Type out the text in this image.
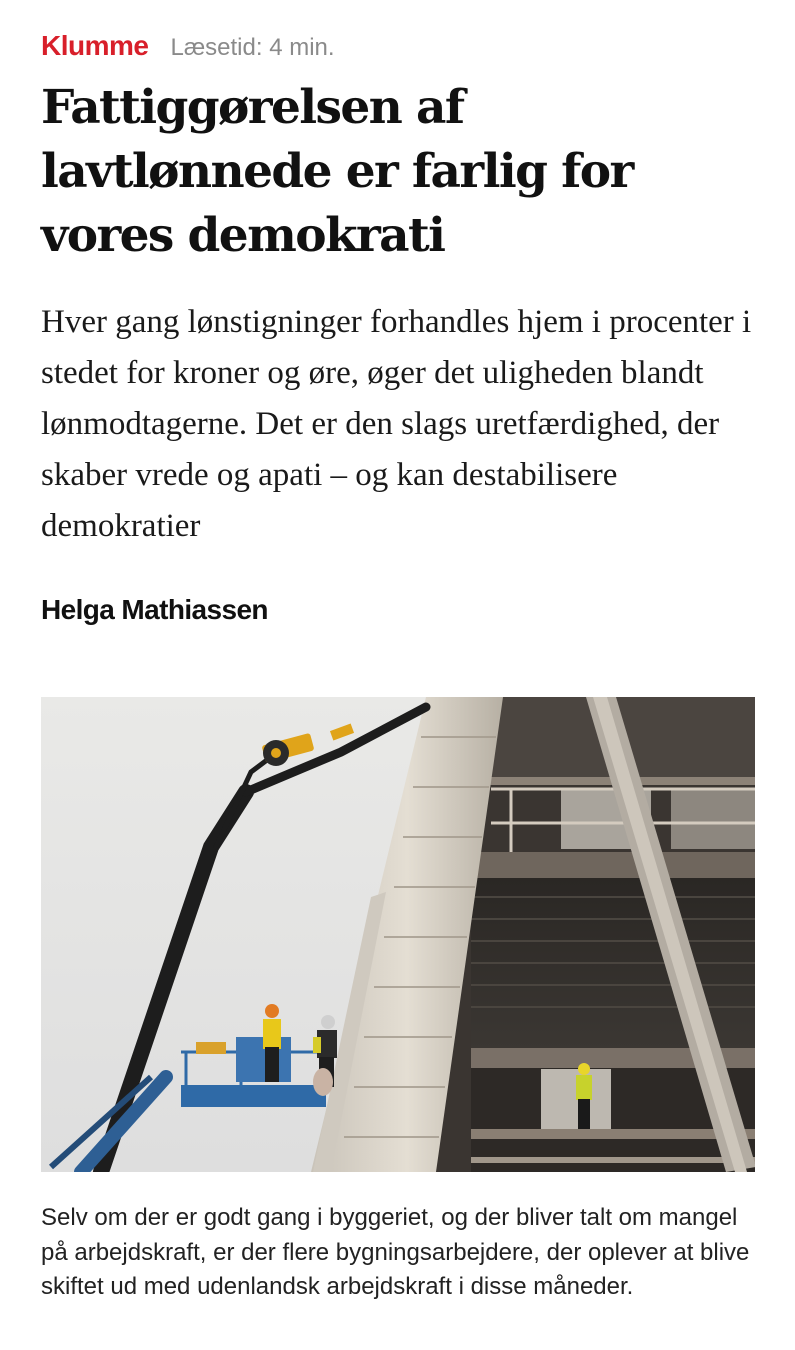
Klumme Læsetid: 4 min.
Fattiggørelsen af lavtlønnede er farlig for vores demokrati

Hver gang lønstigninger forhandles hjem i procenter i stedet for kroner og øre, øger det uligheden blandt lønmodtagerne. Det er den slags uretfærdighed, der skaber vrede og apati – og kan destabilisere demokratier

Helga Mathiassen

Selv om der er godt gang i byggeriet, og der bliver talt om mangel på arbejdskraft, er der flere bygningsarbejdere, der oplever at blive skiftet ud med udenlandsk arbejdskraft i disse måneder.
